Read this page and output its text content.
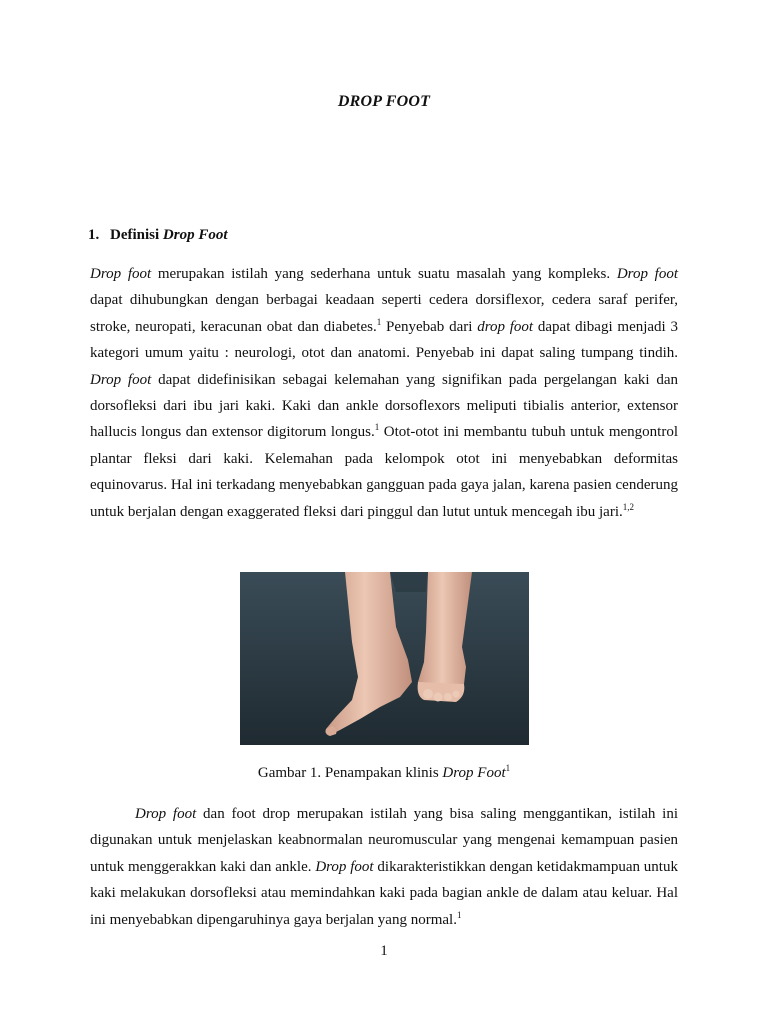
DROP FOOT
1. Definisi Drop Foot

Drop foot merupakan istilah yang sederhana untuk suatu masalah yang kompleks. Drop foot dapat dihubungkan dengan berbagai keadaan seperti cedera dorsiflexor, cedera saraf perifer, stroke, neuropati, keracunan obat dan diabetes.$^1$ Penyebab dari drop foot dapat dibagi menjadi 3 kategori umum yaitu : neurologi, otot dan anatomi. Penyebab ini dapat saling tumpang tindih. Drop foot dapat didefinisikan sebagai kelemahan yang signifikan pada pergelangan kaki dan dorsofleksi dari ibu jari kaki. Kaki dan ankle dorsoflexors meliputi tibialis anterior, extensor hallucis longus dan extensor digitorum longus.$^1$ Otot-otot ini membantu tubuh untuk mengontrol plantar fleksi dari kaki. Kelemahan pada kelompok otot ini menyebabkan deformitas equinovarus. Hal ini terkadang menyebabkan gangguan pada gaya jalan, karena pasien cenderung untuk berjalan dengan exaggerated fleksi dari pinggul dan lutut untuk mencegah ibu jari.$^{1,2}$

Gambar 1. Penampakan klinis Drop Foot$^1$

Drop foot dan foot drop merupakan istilah yang bisa saling menggantikan, istilah ini digunakan untuk menjelaskan keabnormalan neuromuscular yang mengenai kemampuan pasien untuk menggerakkan kaki dan ankle. Drop foot dikarakteristikkan dengan ketidakmampuan untuk kaki melakukan dorsofleksi atau memindahkan kaki pada bagian ankle de dalam atau keluar. Hal ini menyebabkan dipengaruhinya gaya berjalan yang normal.$^1$

1
